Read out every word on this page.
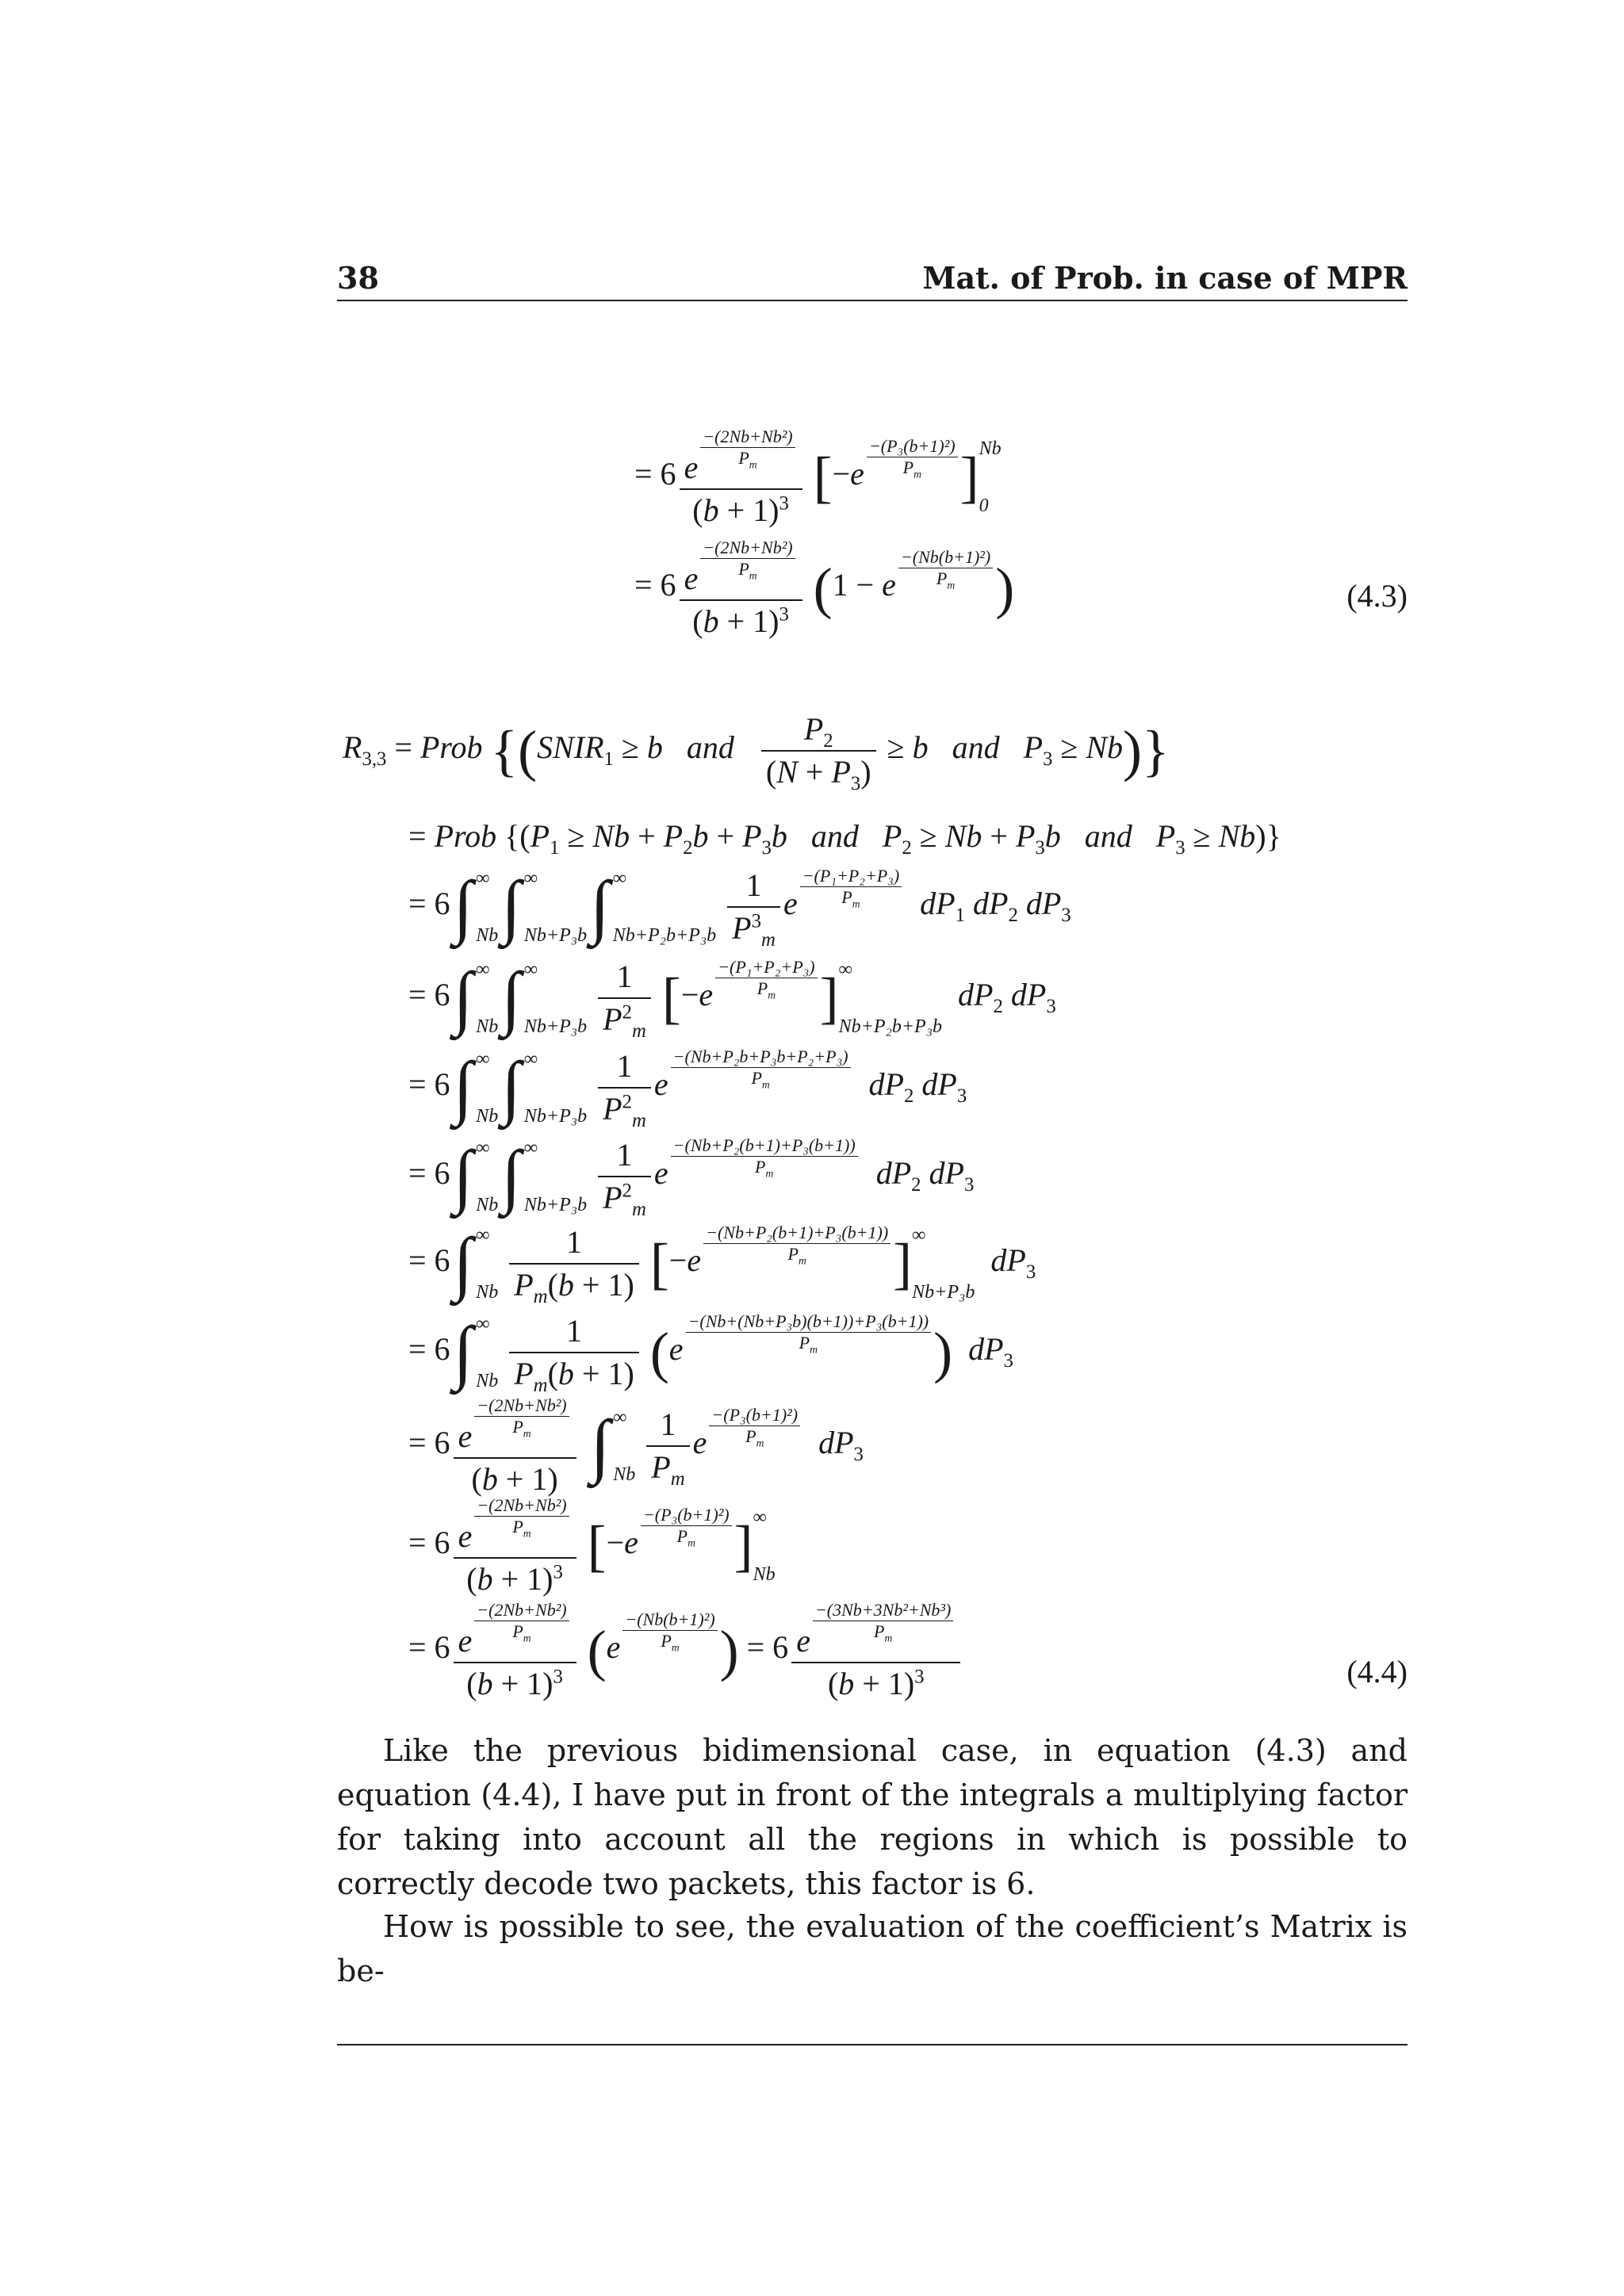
38	Mat. of Prob. in case of MPR
= 6 e
$\frac{\text{−(2Nb+Nb²)}}{P_m}$
$(b + 1)^3$ [$-e \frac{\text{−(P₃(b+1)²)}}{P_m}$ ] Nb
0
= 6 e
$\frac{\text{−(2Nb+Nb²)}}{P_m}$
$(b + 1)^3$ (1 − e $\frac{\text{−(Nb(b+1)²)}}{P_m}$ )	(4.3)
$R_{3,3}$ = Prob {($SNIR_1 \ge b$ and $\frac{P_2}{(N + P_3)} \ge b$ and $P_3 \ge Nb$)}
= Prob {($P_1 \ge Nb + P_2b + P_3b$ and $P_2 \ge Nb + P_3b$ and $P_3 \ge Nb$)}
= 6∫ ∞
Nb ∫ ∞
Nb+P₃b ∫ ∞
Nb+P₂b+P₃b
$\frac{1}{P^3_m}$ e $\frac{\text{−(P₁+P₂+P₃)}}{P_m} dP_1$ $dP_2$ $dP_3$
= 6∫ ∞
Nb ∫ ∞
Nb+P₃b
$\frac{1}{P^2_m} [-e \frac{\text{−(P₁+P₂+P₃)}}{P_m}$ ] ∞
Nb+P₂b+P₃b
$dP_2$ $dP_3$
= 6∫ ∞
Nb ∫ ∞
Nb+P₃b
$\frac{1}{P^2_m}$ e $\frac{\text{−(Nb+P₂b+P₃b+P₂+P₃)}}{P_m} dP_2$ $dP_3$
= 6∫ ∞
Nb ∫ ∞
Nb+P₃b
$\frac{1}{P^2_m}$ e $\frac{\text{−(Nb+P₂(b+1)+P₃(b+1))}}{P_m} dP_2$ $dP_3$
= 6∫ ∞
Nb
$\frac{1}{P_m(b + 1)} [-e \frac{\text{−(Nb+P₂(b+1)+P₃(b+1))}}{P_m}$ ] ∞
Nb+P₃b
$dP_3$
= 6∫ ∞
Nb
$\frac{1}{P_m(b + 1)} (e \frac{\text{−(Nb+(Nb+P₃b)(b+1))+P₃(b+1))}}{P_m}$ ) $dP_3$
= 6 e
$\frac{\text{−(2Nb+Nb²)}}{P_m}$
(b + 1) ∫ ∞
Nb
$\frac{1}{P_m}$ e $\frac{\text{−(P₃(b+1)²)}}{P_m} dP_3$
= 6 e
$\frac{\text{−(2Nb+Nb²)}}{P_m}$
$(b + 1)^3$ [$-e \frac{\text{−(P₃(b+1)²)}}{P_m}$ ] ∞
Nb
= 6 e
$\frac{\text{−(2Nb+Nb²)}}{P_m}$
$(b + 1)^3$ ($e \frac{\text{−(Nb(b+1)²)}}{P_m}$ ) = 6 e
$\frac{\text{−(3Nb+3Nb²+Nb³)}}{P_m}$
$(b + 1)^3$	(4.4)
Like the previous bidimensional case, in equation (4.3) and equation (4.4), I have put in front of the integrals a multiplying factor for taking into account all the regions in which is possible to correctly decode two packets, this factor is 6.
How is possible to see, the evaluation of the coefficient’s Matrix is be-
